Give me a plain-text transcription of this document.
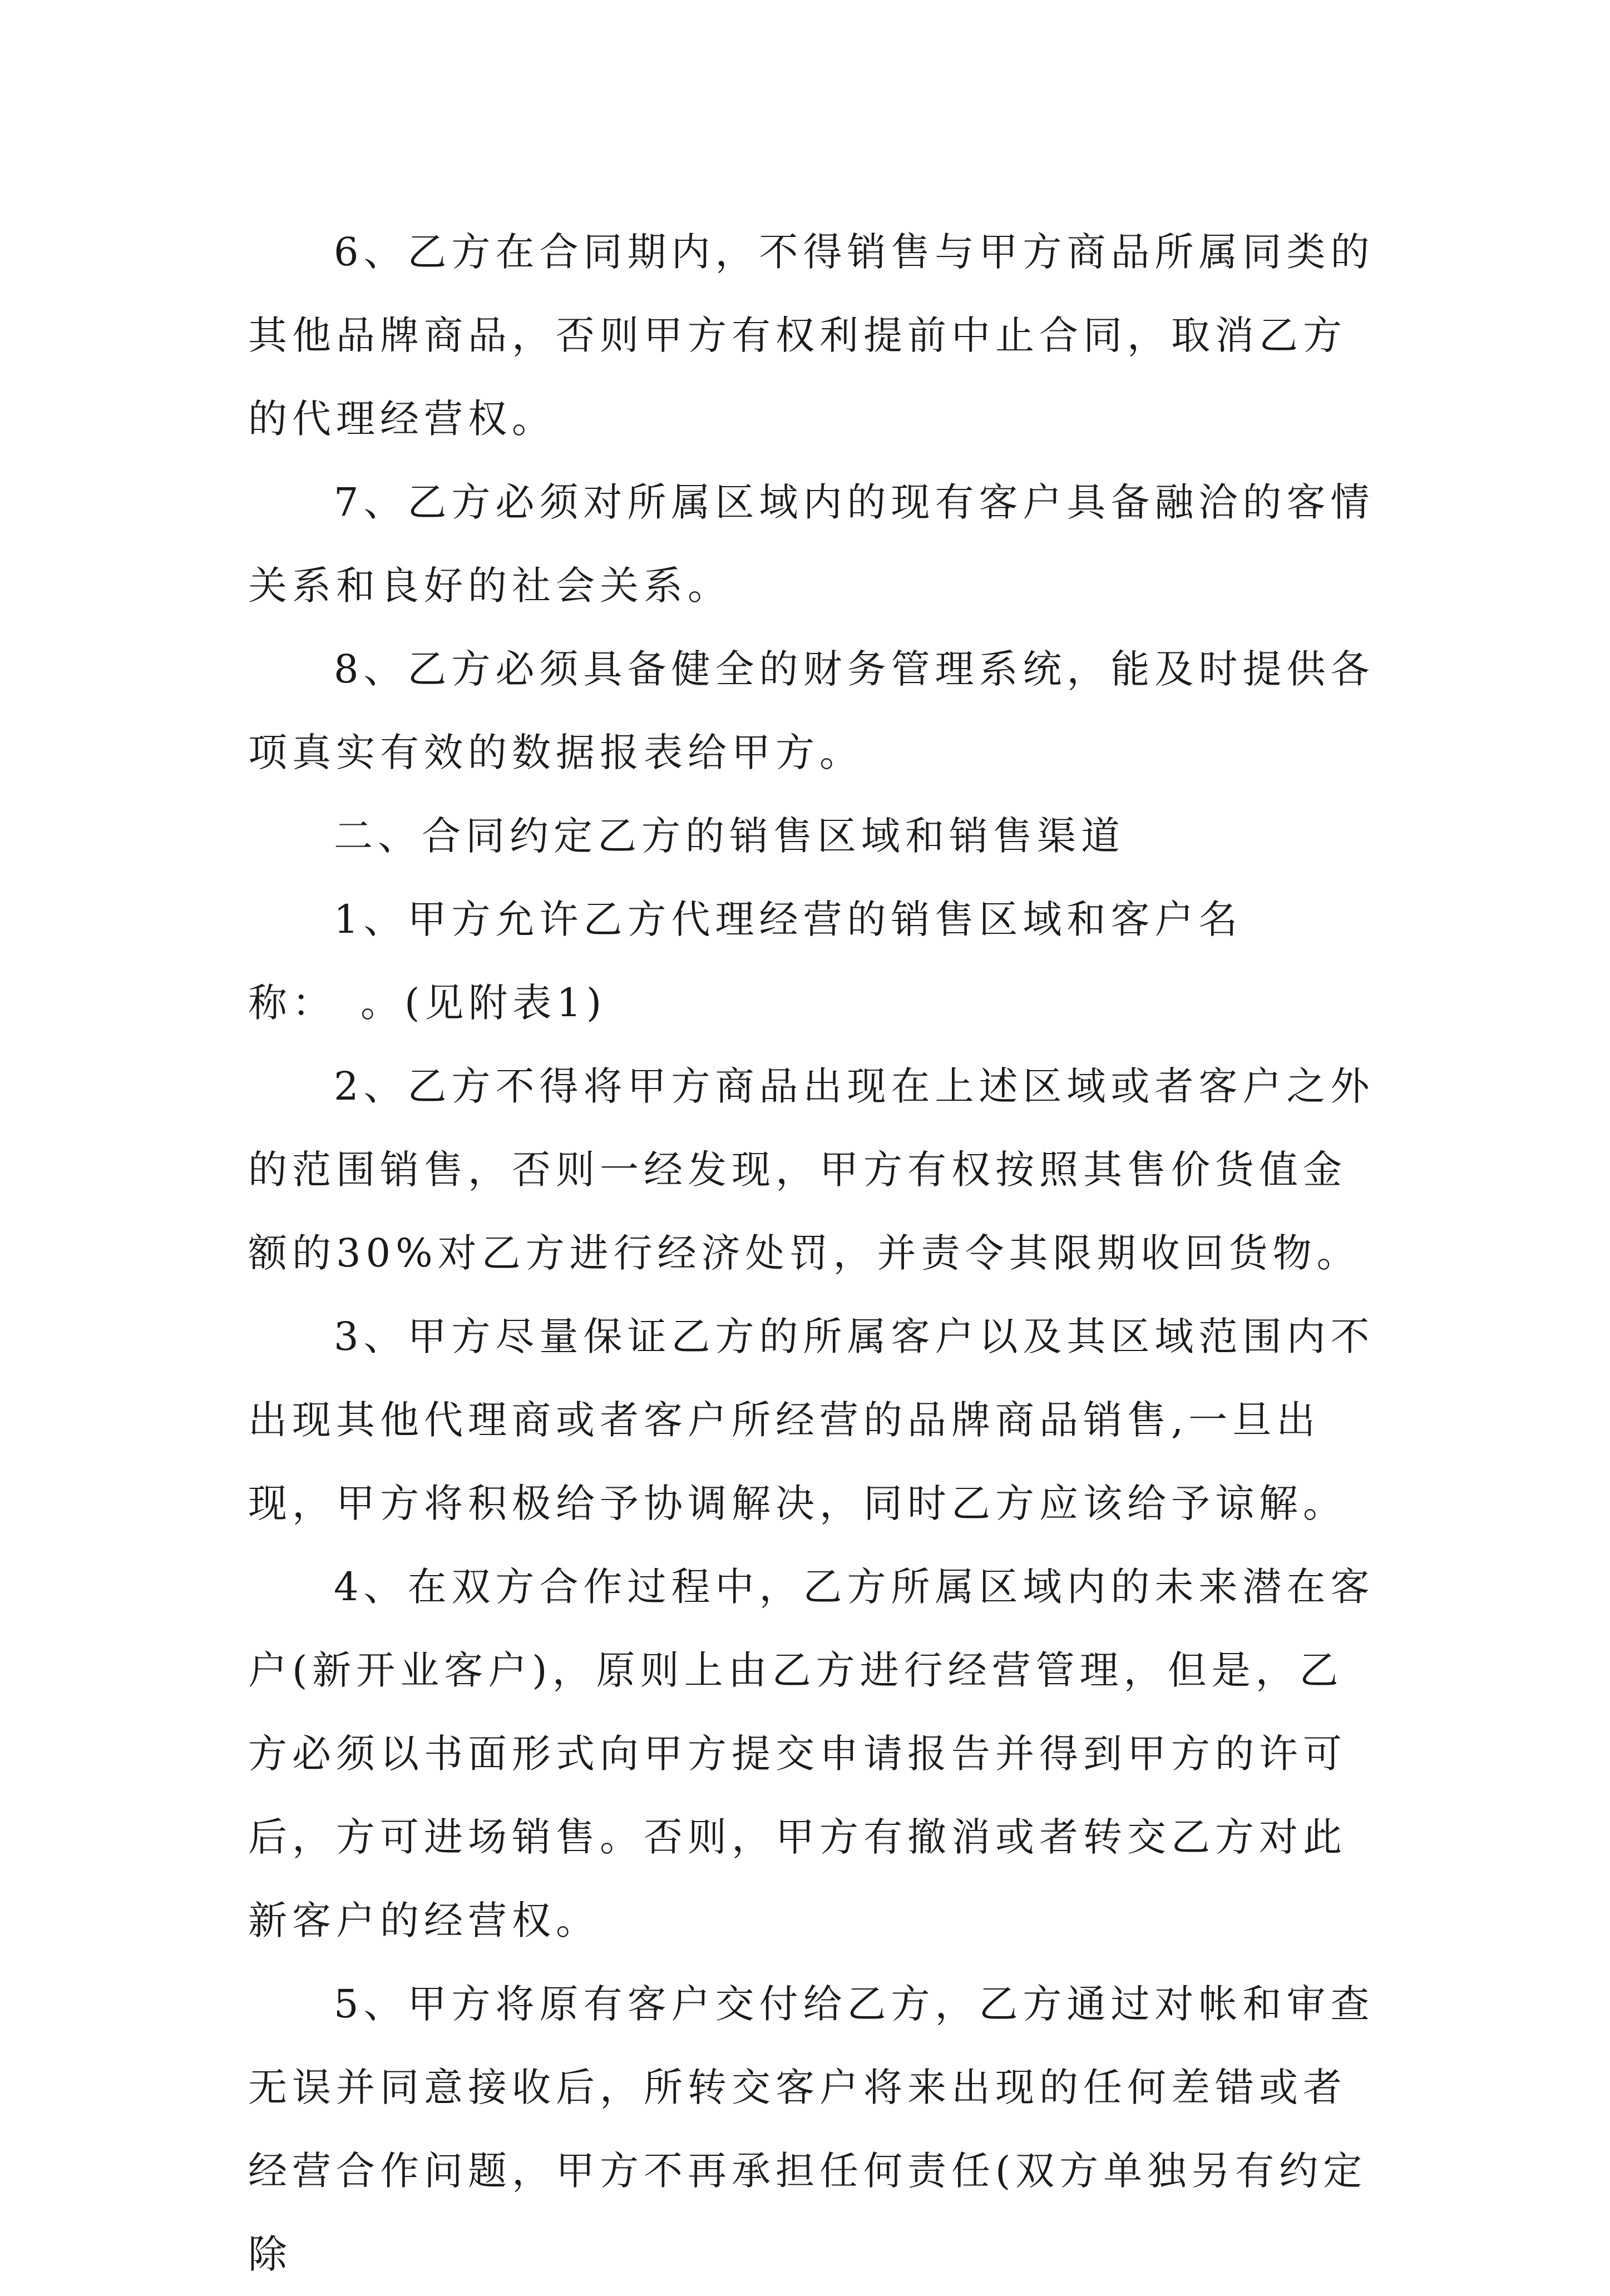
6、乙方在合同期内，不得销售与甲方商品所属同类的其他品牌商品，否则甲方有权利提前中止合同，取消乙方的代理经营权。

7、乙方必须对所属区域内的现有客户具备融洽的客情关系和良好的社会关系。

8、乙方必须具备健全的财务管理系统，能及时提供各项真实有效的数据报表给甲方。

二、合同约定乙方的销售区域和销售渠道

1、甲方允许乙方代理经营的销售区域和客户名称：　。(见附表1)

2、乙方不得将甲方商品出现在上述区域或者客户之外的范围销售，否则一经发现，甲方有权按照其售价货值金额的30%对乙方进行经济处罚，并责令其限期收回货物。

3、甲方尽量保证乙方的所属客户以及其区域范围内不出现其他代理商或者客户所经营的品牌商品销售,一旦出现，甲方将积极给予协调解决，同时乙方应该给予谅解。

4、在双方合作过程中，乙方所属区域内的未来潜在客户(新开业客户)，原则上由乙方进行经营管理，但是，乙方必须以书面形式向甲方提交申请报告并得到甲方的许可后，方可进场销售。否则，甲方有撤消或者转交乙方对此新客户的经营权。

5、甲方将原有客户交付给乙方，乙方通过对帐和审查无误并同意接收后，所转交客户将来出现的任何差错或者经营合作问题，甲方不再承担任何责任(双方单独另有约定除
